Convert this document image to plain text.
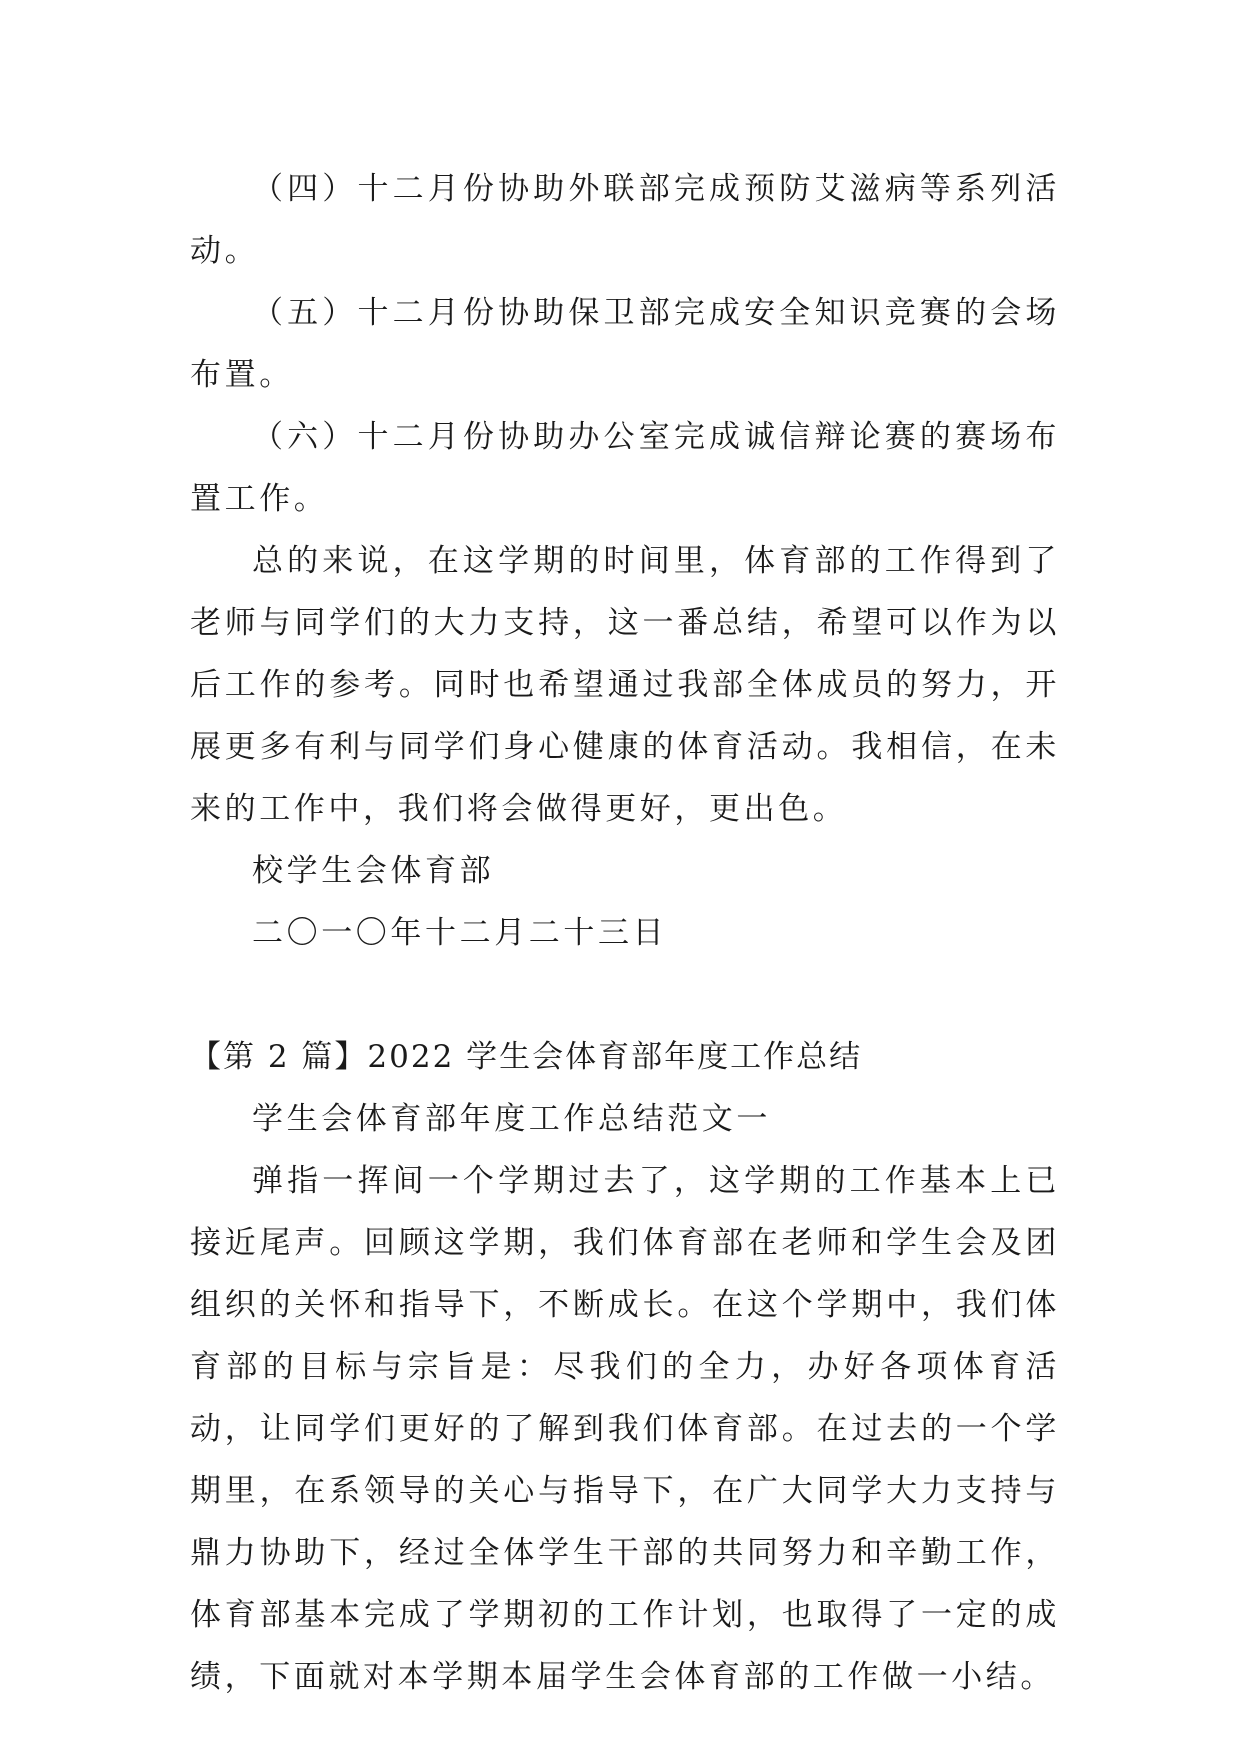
（四）十二月份协助外联部完成预防艾滋病等系列活动。

（五）十二月份协助保卫部完成安全知识竞赛的会场布置。

（六）十二月份协助办公室完成诚信辩论赛的赛场布置工作。

总的来说，在这学期的时间里，体育部的工作得到了老师与同学们的大力支持，这一番总结，希望可以作为以后工作的参考。同时也希望通过我部全体成员的努力，开展更多有利与同学们身心健康的体育活动。我相信，在未来的工作中，我们将会做得更好，更出色。

校学生会体育部

二〇一〇年十二月二十三日

【第 2 篇】2022 学生会体育部年度工作总结

学生会体育部年度工作总结范文一

弹指一挥间一个学期过去了，这学期的工作基本上已接近尾声。回顾这学期，我们体育部在老师和学生会及团组织的关怀和指导下，不断成长。在这个学期中，我们体育部的目标与宗旨是：尽我们的全力，办好各项体育活动，让同学们更好的了解到我们体育部。在过去的一个学期里，在系领导的关心与指导下，在广大同学大力支持与鼎力协助下，经过全体学生干部的共同努力和辛勤工作，体育部基本完成了学期初的工作计划，也取得了一定的成绩，下面就对本学期本届学生会体育部的工作做一小结。
